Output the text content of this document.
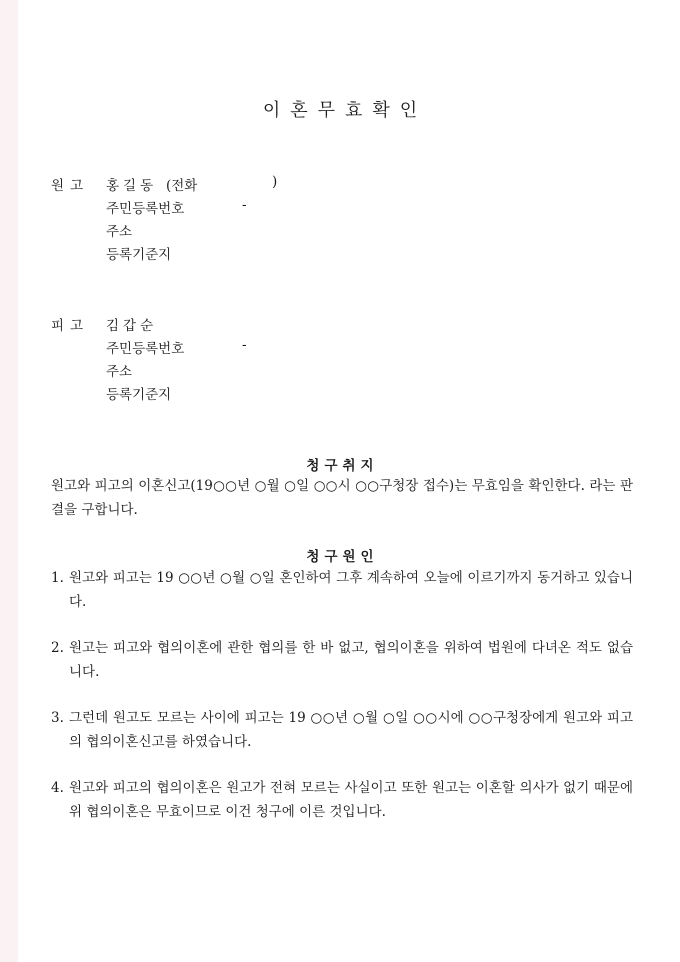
이혼무효확인
원고 홍길동 (전화	)
주민등록번호	-
주소
등록기준지
피고 김갑순
주민등록번호	-
주소
등록기준지
청구취지
원고와 피고의 이혼신고(19○○년 ○월 ○일 ○○시 ○○구청장 접수)는 무효임을 확인한다. 라는 판결을 구합니다.
청구원인
1. 원고와 피고는 19 ○○년 ○월 ○일 혼인하여 그후 계속하여 오늘에 이르기까지 동거하고 있습니다.
2. 원고는 피고와 협의이혼에 관한 협의를 한 바 없고, 협의이혼을 위하여 법원에 다녀온 적도 없습니다.
3. 그런데 원고도 모르는 사이에 피고는 19 ○○년 ○월 ○일 ○○시에 ○○구청장에게 원고와 피고의 협의이혼신고를 하였습니다.
4. 원고와 피고의 협의이혼은 원고가 전혀 모르는 사실이고 또한 원고는 이혼할 의사가 없기 때문에 위 협의이혼은 무효이므로 이건 청구에 이른 것입니다.
